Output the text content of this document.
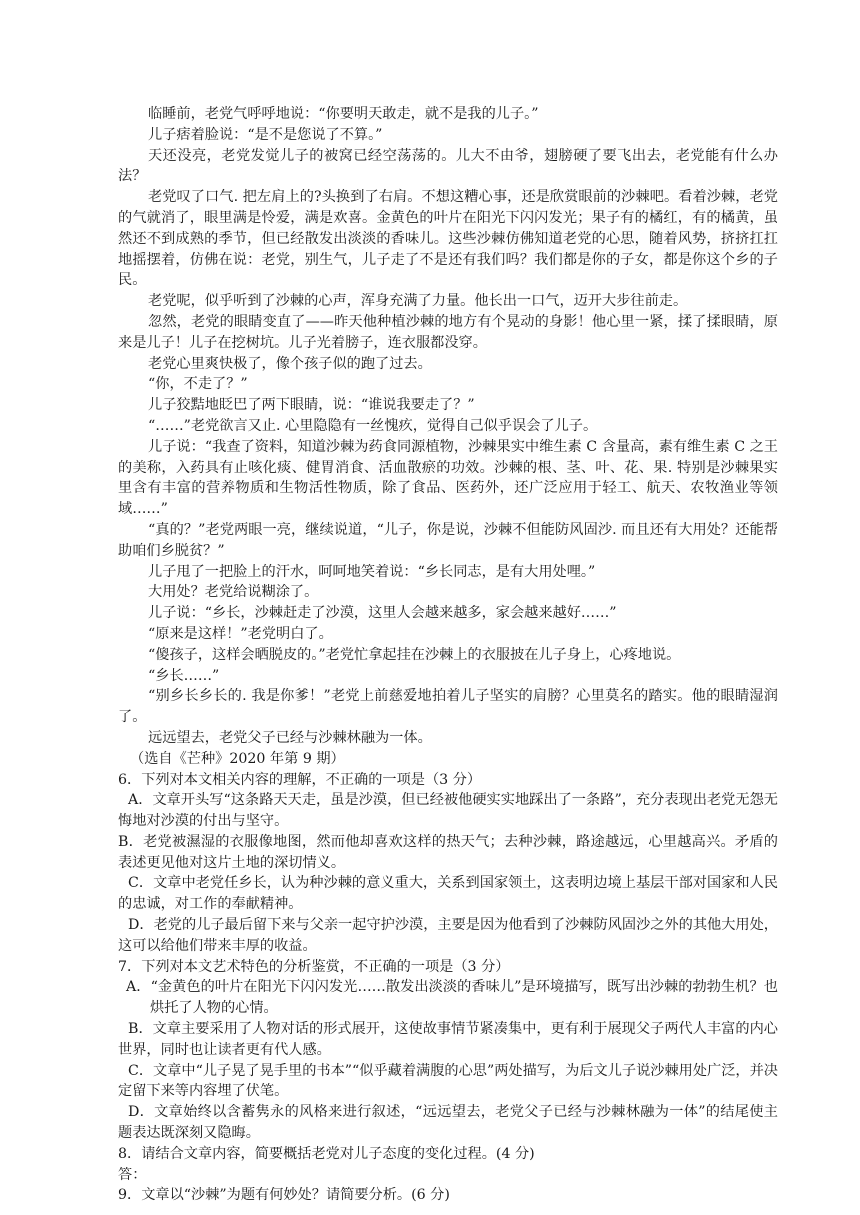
临睡前，老党气呼呼地说：“你要明天敢走，就不是我的儿子。”

儿子痞着脸说：“是不是您说了不算。”

天还没亮，老党发觉儿子的被窝已经空荡荡的。儿大不由爷，翅膀硬了要飞出去，老党能有什么办法？

老党叹了口气. 把左肩上的?头换到了右肩。不想这糟心事，还是欣赏眼前的沙棘吧。看着沙棘，老党的气就消了，眼里满是怜爱，满是欢喜。金黄色的叶片在阳光下闪闪发光；果子有的橘红，有的橘黄，虽然还不到成熟的季节，但已经散发出淡淡的香味儿。这些沙棘仿佛知道老党的心思，随着风势，挤挤扛扛地摇摆着，仿佛在说：老党，别生气，儿子走了不是还有我们吗？我们都是你的子女，都是你这个乡的子民。

老党呢，似乎听到了沙棘的心声，浑身充满了力量。他长出一口气，迈开大步往前走。

忽然，老党的眼睛变直了——昨天他种植沙棘的地方有个晃动的身影！他心里一紧，揉了揉眼睛，原来是儿子！儿子在挖树坑。儿子光着膀子，连衣服都没穿。

老党心里爽快极了，像个孩子似的跑了过去。

“你，不走了？”

儿子狡黠地眨巴了两下眼睛，说：“谁说我要走了？”

“……”老党欲言又止. 心里隐隐有一丝愧疚，觉得自己似乎误会了儿子。

儿子说：“我查了资料，知道沙棘为药食同源植物，沙棘果实中维生素 C 含量高，素有维生素 C 之王的美称，入药具有止咳化痰、健胃消食、活血散瘀的功效。沙棘的根、茎、叶、花、果. 特别是沙棘果实里含有丰富的营养物质和生物活性物质，除了食品、医药外，还广泛应用于轻工、航天、农牧渔业等领域……”

“真的？”老党两眼一亮，继续说道，“儿子，你是说，沙棘不但能防风固沙. 而且还有大用处？还能帮助咱们乡脱贫？”

儿子甩了一把脸上的汗水，呵呵地笑着说：“乡长同志，是有大用处哩。”

大用处？老党给说糊涂了。

儿子说：“乡长，沙棘赶走了沙漠，这里人会越来越多，家会越来越好……”

“原来是这样！”老党明白了。

“傻孩子，这样会晒脱皮的。”老党忙拿起挂在沙棘上的衣服披在儿子身上，心疼地说。

“乡长……”

“别乡长乡长的. 我是你爹！”老党上前慈爱地拍着儿子坚实的肩膀？心里莫名的踏实。他的眼睛湿润了。

远远望去，老党父子已经与沙棘林融为一体。

（选自《芒种》2020 年第 9 期）

6．下列对本文相关内容的理解，不正确的一项是（3 分）

A．文章开头写“这条路天天走，虽是沙漠，但已经被他硬实实地踩出了一条路”，充分表现出老党无怨无悔地对沙漠的付出与坚守。

B．老党被濕湿的衣服像地图，然而他却喜欢这样的热天气；去种沙棘，路途越远，心里越高兴。矛盾的表述更见他对这片土地的深切情义。

C．文章中老党任乡长，认为种沙棘的意义重大，关系到国家领土，这表明边境上基层干部对国家和人民的忠诚，对工作的奉献精神。

D．老党的儿子最后留下来与父亲一起守护沙漠，主要是因为他看到了沙棘防风固沙之外的其他大用处，这可以给他们带来丰厚的收益。

7．下列对本文艺术特色的分析鉴赏，不正确的一项是（3 分）

A．“金黄色的叶片在阳光下闪闪发光……散发出淡淡的香味儿”是环境描写，既写出沙棘的勃勃生机？也烘托了人物的心情。

B．文章主要采用了人物对话的形式展开，这使故事情节紧凑集中，更有利于展现父子两代人丰富的内心世界，同时也让读者更有代人感。

C．文章中“儿子晃了晃手里的书本”“似乎藏着满腹的心思”两处描写，为后文儿子说沙棘用处广泛，并决定留下来等内容埋了伏笔。

D．文章始终以含蓄隽永的风格来进行叙述，“远远望去，老党父子已经与沙棘林融为一体”的结尾使主题表达既深刻又隐晦。

8．请结合文章内容，简要概括老党对儿子态度的变化过程。(4 分)

答：

9．文章以“沙棘”为题有何妙处？请简要分析。(6 分)
